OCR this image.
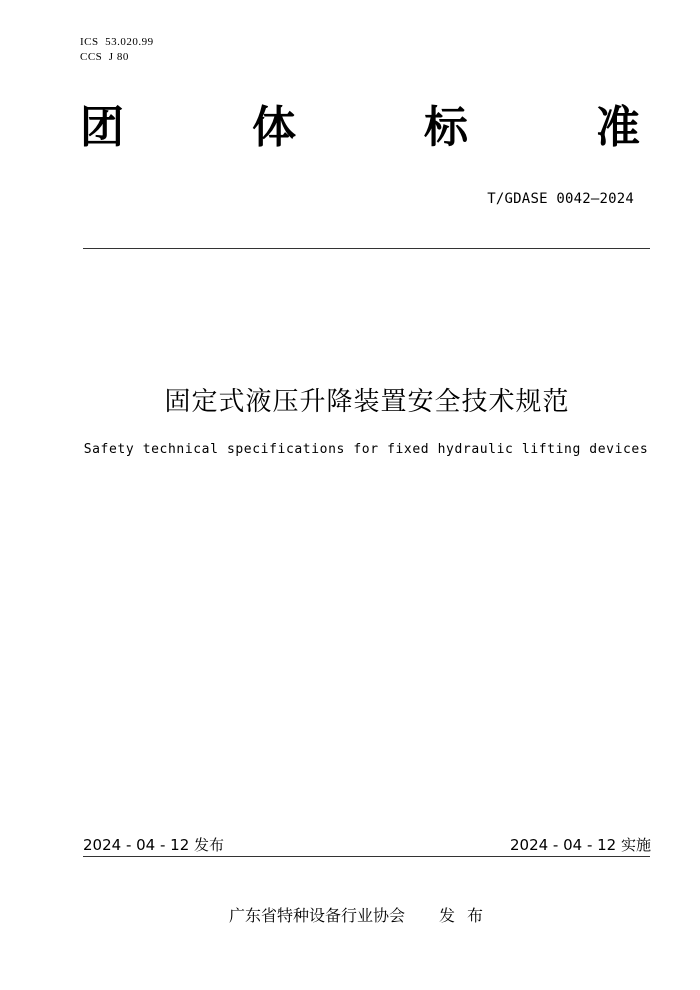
ICS  53.020.99
CCS  J 80
团	体	标	准
T/GDASE 0042—2024
固定式液压升降装置安全技术规范
Safety technical specifications for fixed hydraulic lifting devices
2024 - 04 - 12 发布	2024 - 04 - 12 实施
广东省特种设备行业协会 发布
